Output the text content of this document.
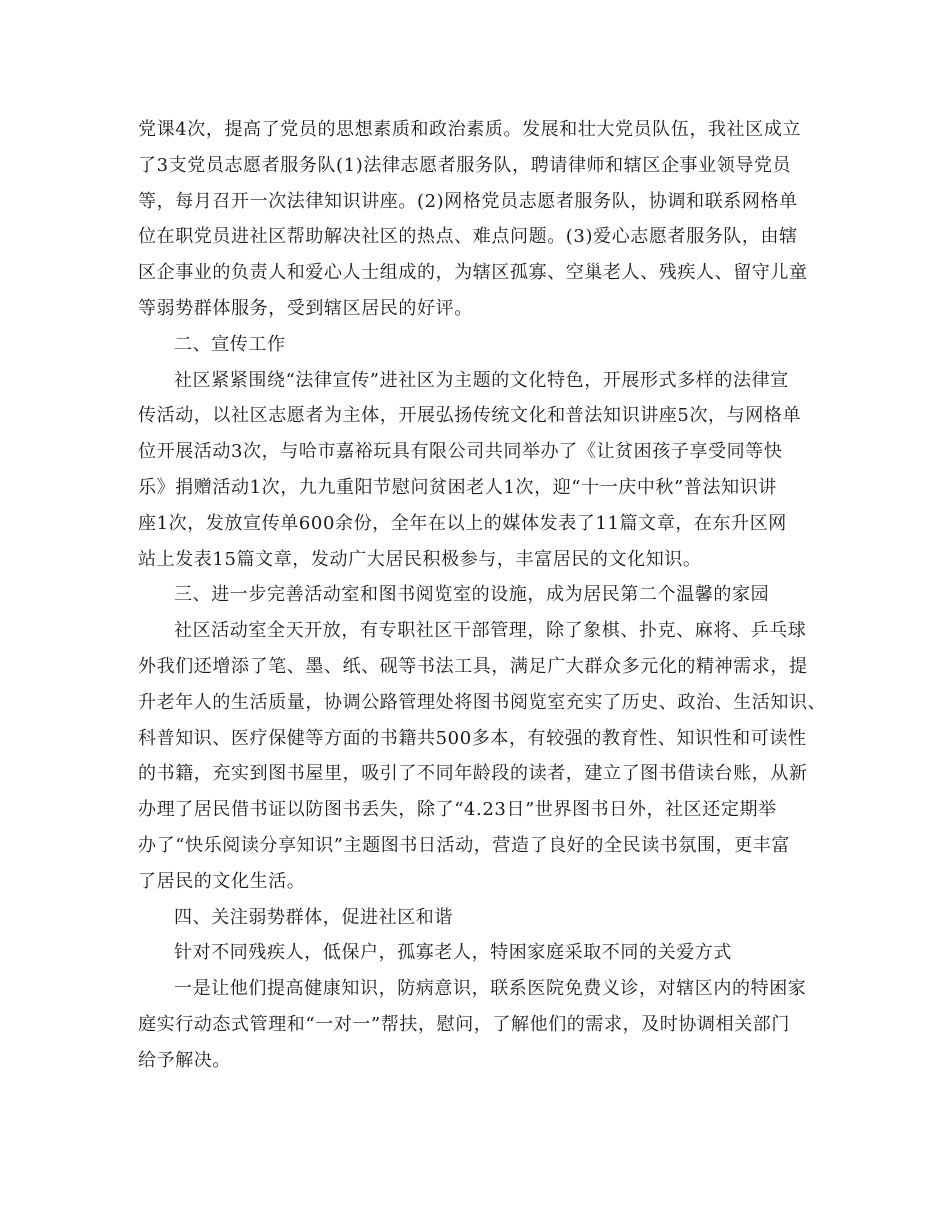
党课4次，提高了党员的思想素质和政治素质。发展和壮大党员队伍，我社区成立
了3支党员志愿者服务队(1)法律志愿者服务队，聘请律师和辖区企事业领导党员
等，每月召开一次法律知识讲座。(2)网格党员志愿者服务队，协调和联系网格单
位在职党员进社区帮助解决社区的热点、难点问题。(3)爱心志愿者服务队，由辖
区企事业的负责人和爱心人士组成的，为辖区孤寡、空巢老人、残疾人、留守儿童
等弱势群体服务，受到辖区居民的好评。
二、宣传工作
社区紧紧围绕“法律宣传”进社区为主题的文化特色，开展形式多样的法律宣
传活动，以社区志愿者为主体，开展弘扬传统文化和普法知识讲座5次，与网格单
位开展活动3次，与哈市嘉裕玩具有限公司共同举办了《让贫困孩子享受同等快
乐》捐赠活动1次，九九重阳节慰问贫困老人1次，迎“十一庆中秋”普法知识讲
座1次，发放宣传单600余份，全年在以上的媒体发表了11篇文章，在东升区网
站上发表15篇文章，发动广大居民积极参与，丰富居民的文化知识。
三、进一步完善活动室和图书阅览室的设施，成为居民第二个温馨的家园
社区活动室全天开放，有专职社区干部管理，除了象棋、扑克、麻将、乒乓球
外我们还增添了笔、墨、纸、砚等书法工具，满足广大群众多元化的精神需求，提
升老年人的生活质量，协调公路管理处将图书阅览室充实了历史、政治、生活知识、
科普知识、医疗保健等方面的书籍共500多本，有较强的教育性、知识性和可读性
的书籍，充实到图书屋里，吸引了不同年龄段的读者，建立了图书借读台账，从新
办理了居民借书证以防图书丢失，除了“4.23日”世界图书日外，社区还定期举
办了“快乐阅读分享知识”主题图书日活动，营造了良好的全民读书氛围，更丰富
了居民的文化生活。
四、关注弱势群体，促进社区和谐
针对不同残疾人，低保户，孤寡老人，特困家庭采取不同的关爱方式
一是让他们提高健康知识，防病意识，联系医院免费义诊，对辖区内的特困家
庭实行动态式管理和“一对一”帮扶，慰问，了解他们的需求，及时协调相关部门
给予解决。
